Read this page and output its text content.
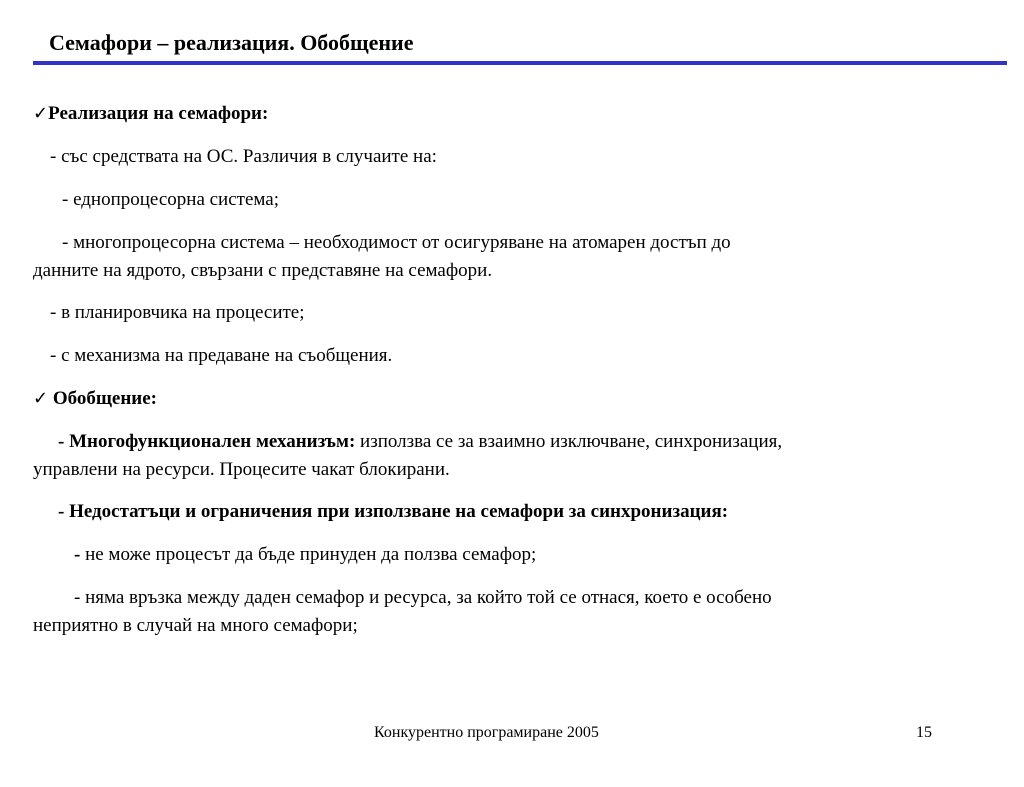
Семафори – реализация. Обобщение
✓Реализация на семафори:
- със средствата на ОС. Различия в случаите на:
- еднопроцесорна система;
- многопроцесорна система – необходимост от осигуряване на атомарен достъп до
данните на ядрото, свързани с представяне на семафори.
- в планировчика на процесите;
- с механизма на предаване на съобщения.
✓ Обобщение:
- Многофункционален механизъм: използва се за взаимно изключване, синхронизация,
управлени на ресурси. Процесите чакат блокирани.
- Недостатъци и ограничения при използване на семафори за синхронизация:
- не може процесът да бъде принуден да ползва семафор;
- няма връзка между даден семафор и ресурса, за който той се отнася, което е особено
неприятно в случай на много семафори;
Конкурентно програмиране 2005	15
